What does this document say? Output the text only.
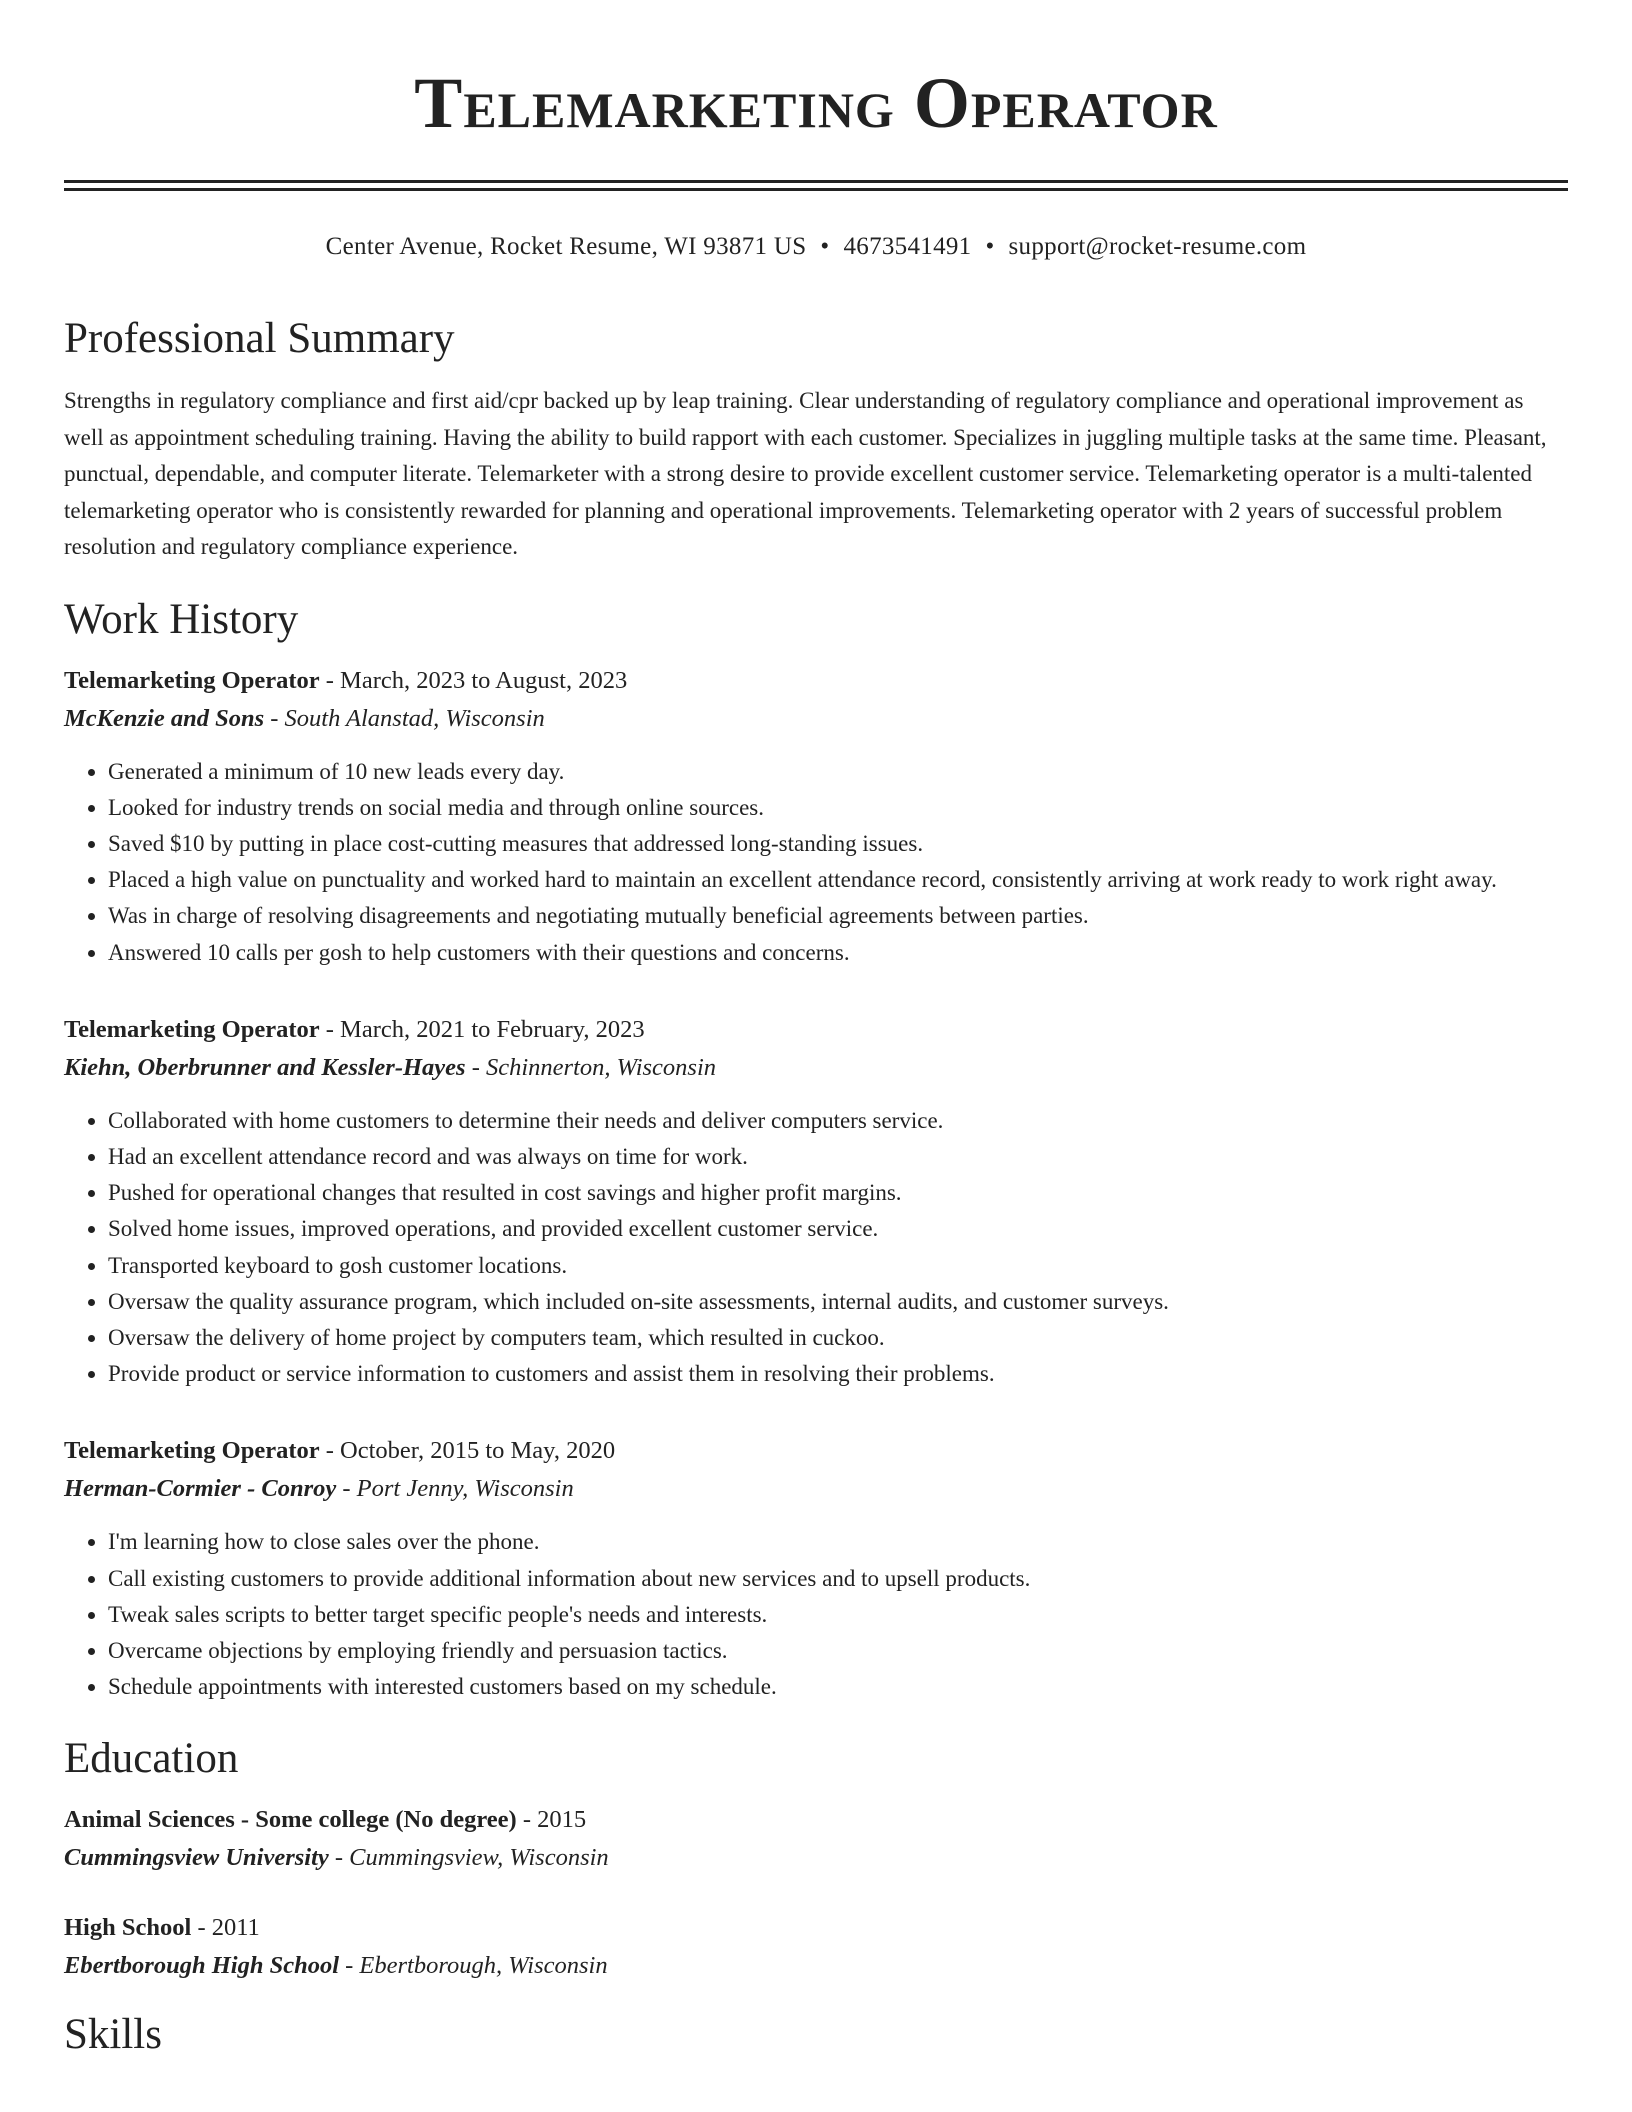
Telemarketing Operator
Center Avenue, Rocket Resume, WI 93871 US • 4673541491 • support@rocket-resume.com
Professional Summary

Strengths in regulatory compliance and first aid/cpr backed up by leap training. Clear understanding of regulatory compliance and operational improvement as well as appointment scheduling training. Having the ability to build rapport with each customer. Specializes in juggling multiple tasks at the same time. Pleasant, punctual, dependable, and computer literate. Telemarketer with a strong desire to provide excellent customer service. Telemarketing operator is a multi-talented telemarketing operator who is consistently rewarded for planning and operational improvements. Telemarketing operator with 2 years of successful problem resolution and regulatory compliance experience.

Work History
Telemarketing Operator - March, 2023 to August, 2023
McKenzie and Sons - South Alanstad, Wisconsin
• Generated a minimum of 10 new leads every day.
• Looked for industry trends on social media and through online sources.
• Saved $10 by putting in place cost-cutting measures that addressed long-standing issues.
• Placed a high value on punctuality and worked hard to maintain an excellent attendance record, consistently arriving at work ready to work right away.
• Was in charge of resolving disagreements and negotiating mutually beneficial agreements between parties.
• Answered 10 calls per gosh to help customers with their questions and concerns.
Telemarketing Operator - March, 2021 to February, 2023
Kiehn, Oberbrunner and Kessler-Hayes - Schinnerton, Wisconsin
• Collaborated with home customers to determine their needs and deliver computers service.
• Had an excellent attendance record and was always on time for work.
• Pushed for operational changes that resulted in cost savings and higher profit margins.
• Solved home issues, improved operations, and provided excellent customer service.
• Transported keyboard to gosh customer locations.
• Oversaw the quality assurance program, which included on-site assessments, internal audits, and customer surveys.
• Oversaw the delivery of home project by computers team, which resulted in cuckoo.
• Provide product or service information to customers and assist them in resolving their problems.
Telemarketing Operator - October, 2015 to May, 2020
Herman-Cormier - Conroy - Port Jenny, Wisconsin
• I'm learning how to close sales over the phone.
• Call existing customers to provide additional information about new services and to upsell products.
• Tweak sales scripts to better target specific people's needs and interests.
• Overcame objections by employing friendly and persuasion tactics.
• Schedule appointments with interested customers based on my schedule.
Education
Animal Sciences - Some college (No degree) - 2015
Cummingsview University - Cummingsview, Wisconsin
High School - 2011
Ebertborough High School - Ebertborough, Wisconsin
Skills
